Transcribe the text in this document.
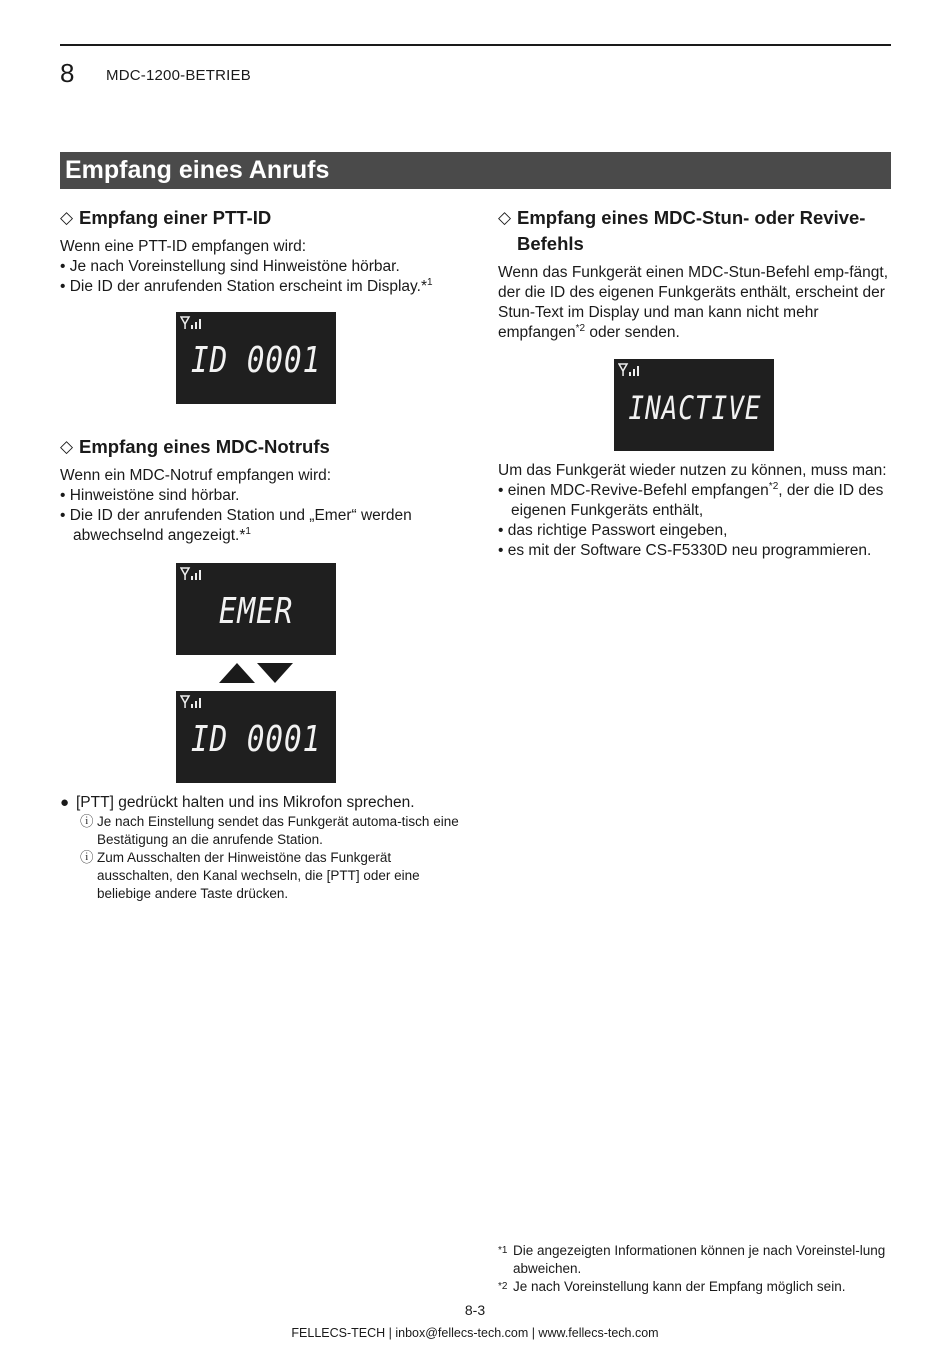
8 MDC-1200-BETRIEB
Empfang eines Anrufs
◇ Empfang einer PTT-ID

Wenn eine PTT-ID empfangen wird:

• Je nach Voreinstellung sind Hinweistöne hörbar.
• Die ID der anrufenden Station erscheint im Display.*$^1$
ID 0001
◇ Empfang eines MDC-Notrufs

Wenn ein MDC-Notruf empfangen wird:

• Hinweistöne sind hörbar.
• Die ID der anrufenden Station und „Emer“ werden abwechselnd angezeigt.*$^1$
EMER
ID 0001
● [PTT] gedrückt halten und ins Mikrofon sprechen.
ⓘ Je nach Einstellung sendet das Funkgerät automa-tisch eine Bestätigung an die anrufende Station.
ⓘ Zum Ausschalten der Hinweistöne das Funkgerät ausschalten, den Kanal wechseln, die [PTT] oder eine beliebige andere Taste drücken.
◇ Empfang eines MDC-Stun- oder Revive-Befehls

Wenn das Funkgerät einen MDC-Stun-Befehl emp-fängt, der die ID des eigenen Funkgeräts enthält, erscheint der Stun-Text im Display und man kann nicht mehr empfangen$^{*2}$ oder senden.

INACTIVE

Um das Funkgerät wieder nutzen zu können, muss man:

• einen MDC-Revive-Befehl empfangen$^{*2}$, der die ID des eigenen Funkgeräts enthält,
• das richtige Passwort eingeben,
• es mit der Software CS-F5330D neu programmieren.
*1 Die angezeigten Informationen können je nach Voreinstel-lung abweichen.
*2 Je nach Voreinstellung kann der Empfang möglich sein.
8-3
FELLECS-TECH | inbox@fellecs-tech.com | www.fellecs-tech.com
